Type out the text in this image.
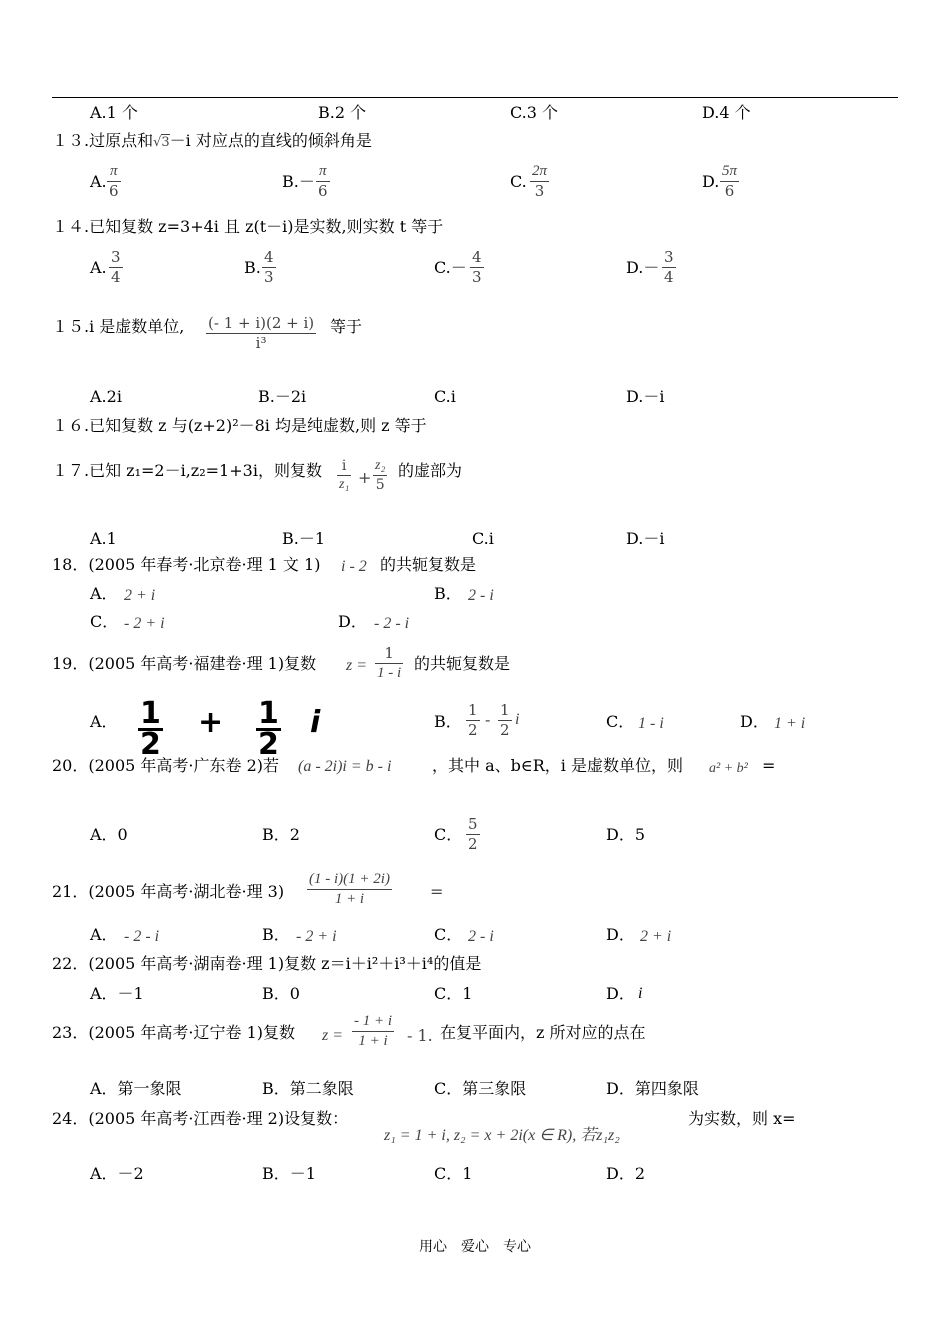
A.1 个	B.2 个	C.3 个	D.4 个
１３.过原点和√3－i 对应点的直线的倾斜角是
A.
π
6	B.－
π
6	C.
2π
3	D.
5π
6
１４.已知复数 z=3+4i 且 z(t－i)是实数,则实数 t 等于
A.
3
4	B.
4
3	C.－
4
3	D.－
3
4
１５.i 是虚数单位, (- 1 + i)(2 + i)
i³
等于
A.2i	B.－2i	C.i	D.－i
１６.已知复数 z 与(z+2)²－8i 均是纯虚数,则 z 等于
１７.已知 z₁=2－i,z₂=1+3i，则复数	i
z₁ +
z₂
5
的虚部为
A.1	B.－1	C.i	D.－i
18．(2005 年春考·北京卷·理 1 文 1) i - 2 的共轭复数是
A． 2 + i	B． 2 - i
C． - 2 + i	D． - 2 - i
19．(2005 年高考·福建卷·理 1)复数 z =
1
1 - i 的共轭复数是
A． 1
2
+ 1
2
i	B．
1
2
- 1
2
i	C． 1 - i	D． 1 + i
20．(2005 年高考·广东卷 2)若 (a - 2i)i = b - i	，其中 a、b∈R，i 是虚数单位，则 a² + b² =
A．0	B．2	C．
5
2	D．5
21．(2005 年高考·湖北卷·理 3)
(1 - i)(1 + 2i)
1 + i	=
A． - 2 - i	B． - 2 + i	C． 2 - i	D． 2 + i
22．(2005 年高考·湖南卷·理 1)复数 z＝i＋i²＋i³＋i⁴的值是
A．－1	B．0	C．1	D． i
23．(2005 年高考·辽宁卷 1)复数 z =
- 1 + i
1 + i	- 1. 在复平面内，z 所对应的点在
A．第一象限	B．第二象限	C．第三象限	D．第四象限
24．(2005 年高考·江西卷·理 2)设复数：
z₁ = 1 + i, z₂ = x + 2i(x ∈ R), 若z₁z₂
为实数，则 x=
A．－2	B．－1	C．1	D．2
用心　爱心　专心
